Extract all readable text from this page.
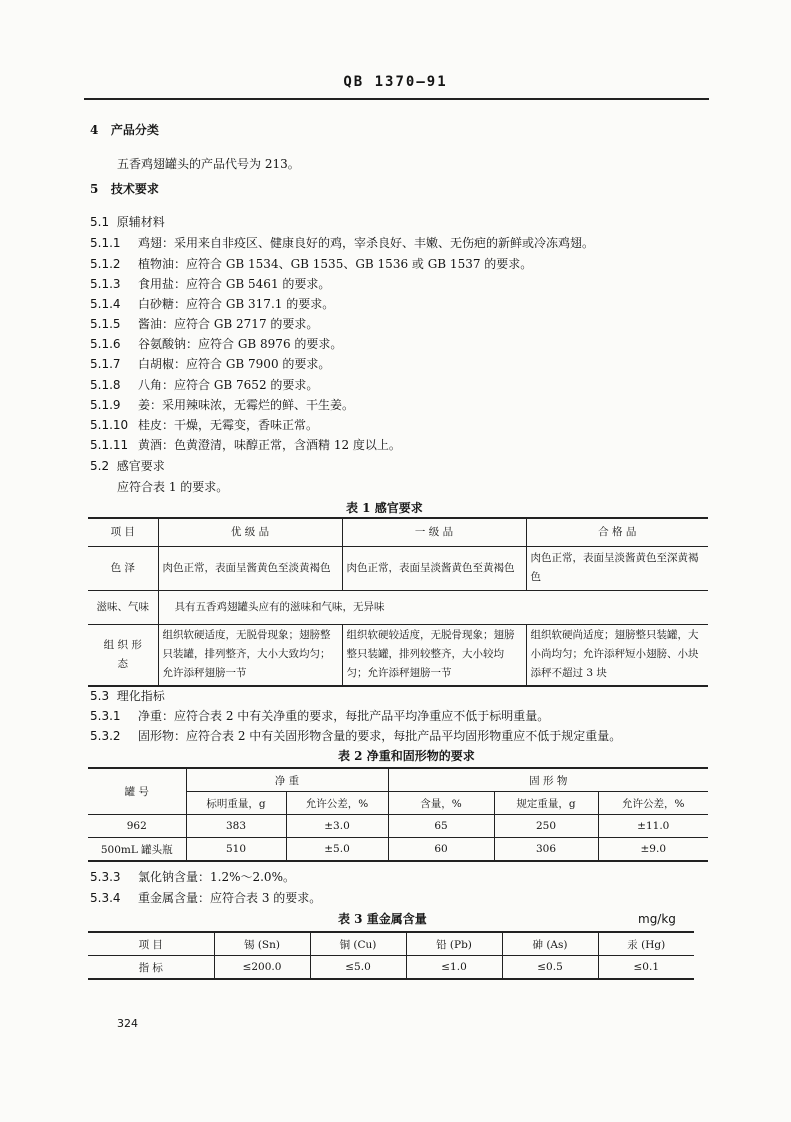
QB 1370—91
4 产品分类
五香鸡翅罐头的产品代号为 213。
5 技术要求
5.1 原辅材料
5.1.1 鸡翅：采用来自非疫区、健康良好的鸡，宰杀良好、丰嫩、无伤疤的新鲜或冷冻鸡翅。
5.1.2 植物油：应符合 GB 1534、GB 1535、GB 1536 或 GB 1537 的要求。
5.1.3 食用盐：应符合 GB 5461 的要求。
5.1.4 白砂糖：应符合 GB 317.1 的要求。
5.1.5 酱油：应符合 GB 2717 的要求。
5.1.6 谷氨酸钠：应符合 GB 8976 的要求。
5.1.7 白胡椒：应符合 GB 7900 的要求。
5.1.8 八角：应符合 GB 7652 的要求。
5.1.9 姜：采用辣味浓，无霉烂的鲜、干生姜。
5.1.10 桂皮：干燥，无霉变，香味正常。
5.1.11 黄酒：色黄澄清，味醇正常，含酒精 12 度以上。
5.2 感官要求
应符合表 1 的要求。
表 1 感官要求
项 目	优 级 品	一 级 品	合 格 品
色 泽	肉色正常，表面呈酱黄色至淡黄褐色	肉色正常，表面呈淡酱黄色至黄褐色	肉色正常，表面呈淡酱黄色至深黄褐色
滋味、气味	具有五香鸡翅罐头应有的滋味和气味，无异味		
组 织 形 态	组织软硬适度，无脱骨现象；翅膀整只装罐，排列整齐，大小大致均匀；允许添秤翅膀一节	组织软硬较适度，无脱骨现象；翅膀整只装罐，排列较整齐，大小较均匀；允许添秤翅膀一节	组织软硬尚适度；翅膀整只装罐，大小尚均匀；允许添秤短小翅膀、小块添秤不超过 3 块
5.3 理化指标
5.3.1 净重：应符合表 2 中有关净重的要求，每批产品平均净重应不低于标明重量。
5.3.2 固形物：应符合表 2 中有关固形物含量的要求，每批产品平均固形物重应不低于规定重量。
表 2 净重和固形物的要求
罐 号	净 重		固 形 物		
	标明重量，g	允许公差，%	含量，%	规定重量，g	允许公差，%
962	383	±3.0	65	250	±11.0
500mL 罐头瓶	510	±5.0	60	306	±9.0
5.3.3 氯化钠含量：1.2%～2.0%。
5.3.4 重金属含量：应符合表 3 的要求。
表 3 重金属含量	mg/kg
项 目	锡 (Sn)	铜 (Cu)	铅 (Pb)	砷 (As)	汞 (Hg)
指 标	≤200.0	≤5.0	≤1.0	≤0.5	≤0.1
324
